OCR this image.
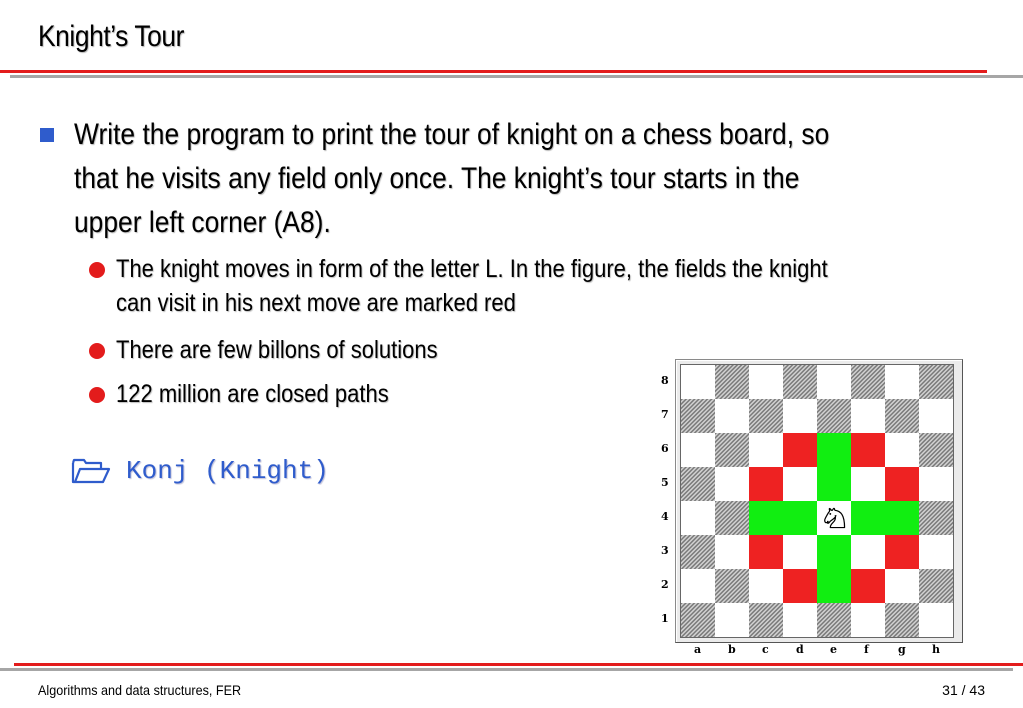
Knight’s Tour
Write the program to print the tour of knight on a chess board, so
that he visits any field only once. The knight’s tour starts in the
upper left corner (A8).
The knight moves in form of the letter L. In the figure, the fields the knight
can visit in his next move are marked red
There are few billons of solutions
122 million are closed paths
Konj (Knight)
8
7
6
5
4
3
2
1
a b c d e f	g h
Algorithms and data structures, FER	31 / 43
